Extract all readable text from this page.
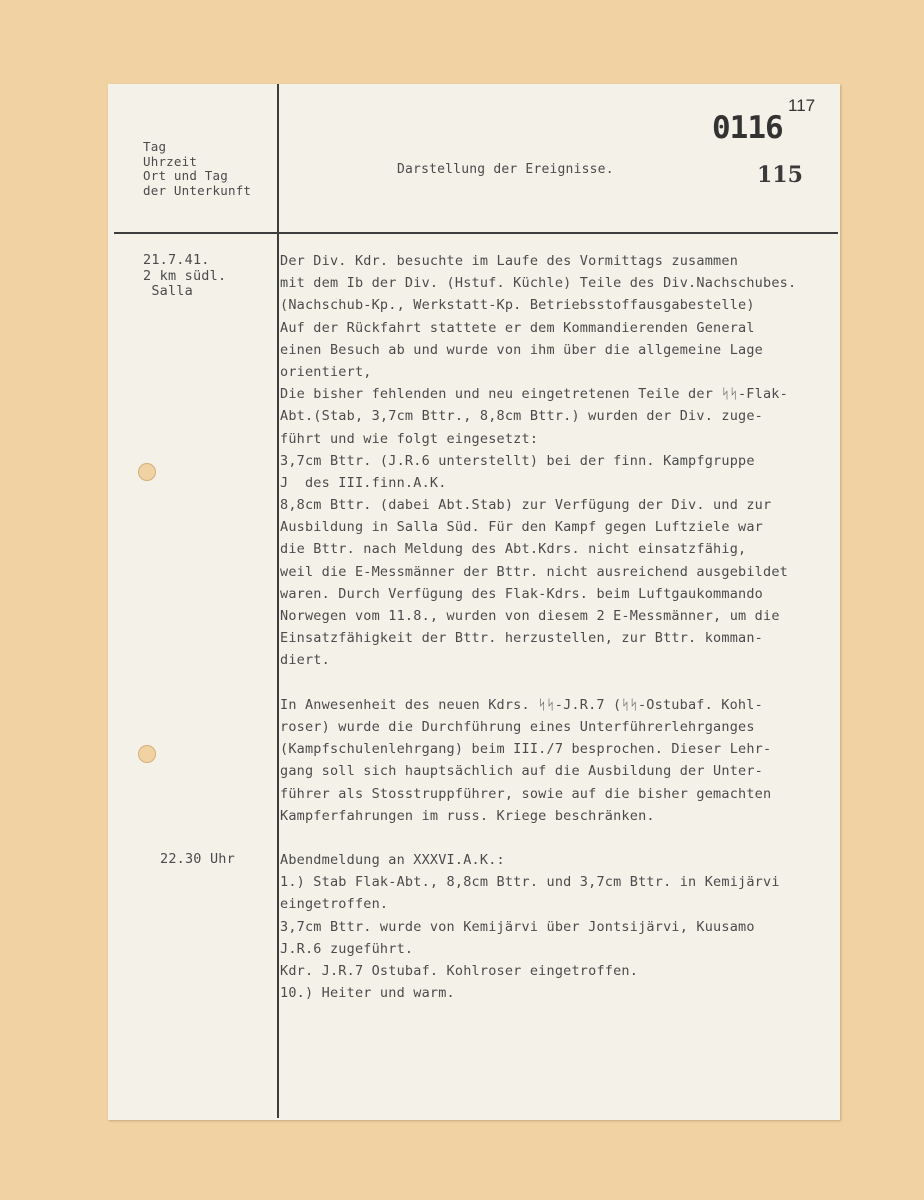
Tag
Uhrzeit
Ort und Tag
der Unterkunft
Darstellung der Ereignisse.
117
0116
115
21.7.41.
2 km südl.
Salla
22.30 Uhr
Der Div. Kdr. besuchte im Laufe des Vormittags zusammen
mit dem Ib der Div. (Hstuf. Küchle) Teile des Div.Nachschubes.
(Nachschub-Kp., Werkstatt-Kp. Betriebsstoffausgabestelle)
Auf der Rückfahrt stattete er dem Kommandierenden General
einen Besuch ab und wurde von ihm über die allgemeine Lage
orientiert,
Die bisher fehlenden und neu eingetretenen Teile der ᛋᛋ-Flak-
Abt.(Stab, 3,7cm Bttr., 8,8cm Bttr.) wurden der Div. zuge-
führt und wie folgt eingesetzt:
3,7cm Bttr. (J.R.6 unterstellt) bei der finn. Kampfgruppe
J  des III.finn.A.K.
8,8cm Bttr. (dabei Abt.Stab) zur Verfügung der Div. und zur
Ausbildung in Salla Süd. Für den Kampf gegen Luftziele war
die Bttr. nach Meldung des Abt.Kdrs. nicht einsatzfähig,
weil die E-Messmänner der Bttr. nicht ausreichend ausgebildet
waren. Durch Verfügung des Flak-Kdrs. beim Luftgaukommando
Norwegen vom 11.8., wurden von diesem 2 E-Messmänner, um die
Einsatzfähigkeit der Bttr. herzustellen, zur Bttr. komman-
diert.
In Anwesenheit des neuen Kdrs. ᛋᛋ-J.R.7 (ᛋᛋ-Ostubaf. Kohl-
roser) wurde die Durchführung eines Unterführerlehrganges
(Kampfschulenlehrgang) beim III./7 besprochen. Dieser Lehr-
gang soll sich hauptsächlich auf die Ausbildung der Unter-
führer als Stosstruppführer, sowie auf die bisher gemachten
Kampferfahrungen im russ. Kriege beschränken.
Abendmeldung an XXXVI.A.K.:
1.) Stab Flak-Abt., 8,8cm Bttr. und 3,7cm Bttr. in Kemijärvi
eingetroffen.
3,7cm Bttr. wurde von Kemijärvi über Jontsijärvi, Kuusamo
J.R.6 zugeführt.
Kdr. J.R.7 Ostubaf. Kohlroser eingetroffen.
10.) Heiter und warm.
